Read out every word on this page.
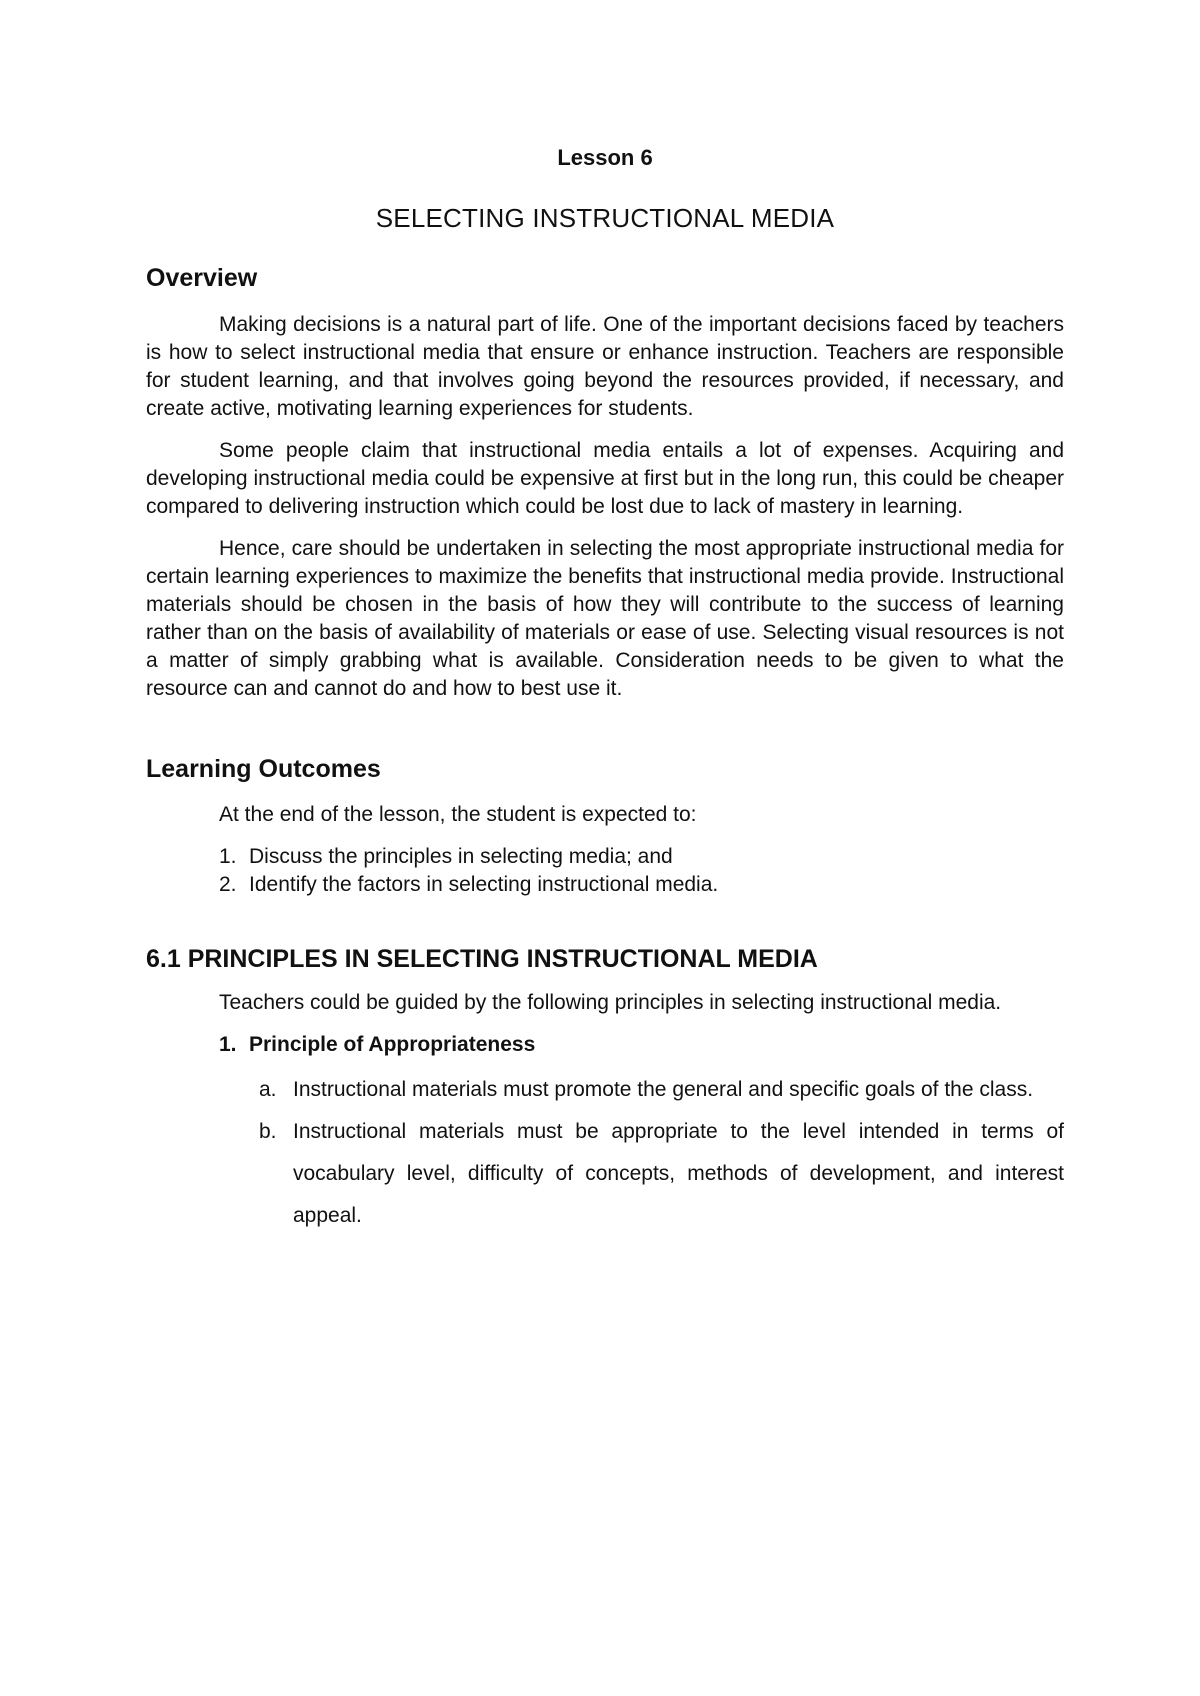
Lesson 6

SELECTING INSTRUCTIONAL MEDIA
Overview

Making decisions is a natural part of life. One of the important decisions faced by teachers is how to select instructional media that ensure or enhance instruction. Teachers are responsible for student learning, and that involves going beyond the resources provided, if necessary, and create active, motivating learning experiences for students.

Some people claim that instructional media entails a lot of expenses. Acquiring and developing instructional media could be expensive at first but in the long run, this could be cheaper compared to delivering instruction which could be lost due to lack of mastery in learning.

Hence, care should be undertaken in selecting the most appropriate instructional media for certain learning experiences to maximize the benefits that instructional media provide. Instructional materials should be chosen in the basis of how they will contribute to the success of learning rather than on the basis of availability of materials or ease of use. Selecting visual resources is not a matter of simply grabbing what is available. Consideration needs to be given to what the resource can and cannot do and how to best use it.

Learning Outcomes

At the end of the lesson, the student is expected to:

1. Discuss the principles in selecting media; and
2. Identify the factors in selecting instructional media.
6.1 PRINCIPLES IN SELECTING INSTRUCTIONAL MEDIA

Teachers could be guided by the following principles in selecting instructional media.

1. Principle of Appropriateness
a. Instructional materials must promote the general and specific goals of the class.
b. Instructional materials must be appropriate to the level intended in terms of vocabulary level, difficulty of concepts, methods of development, and interest appeal.
